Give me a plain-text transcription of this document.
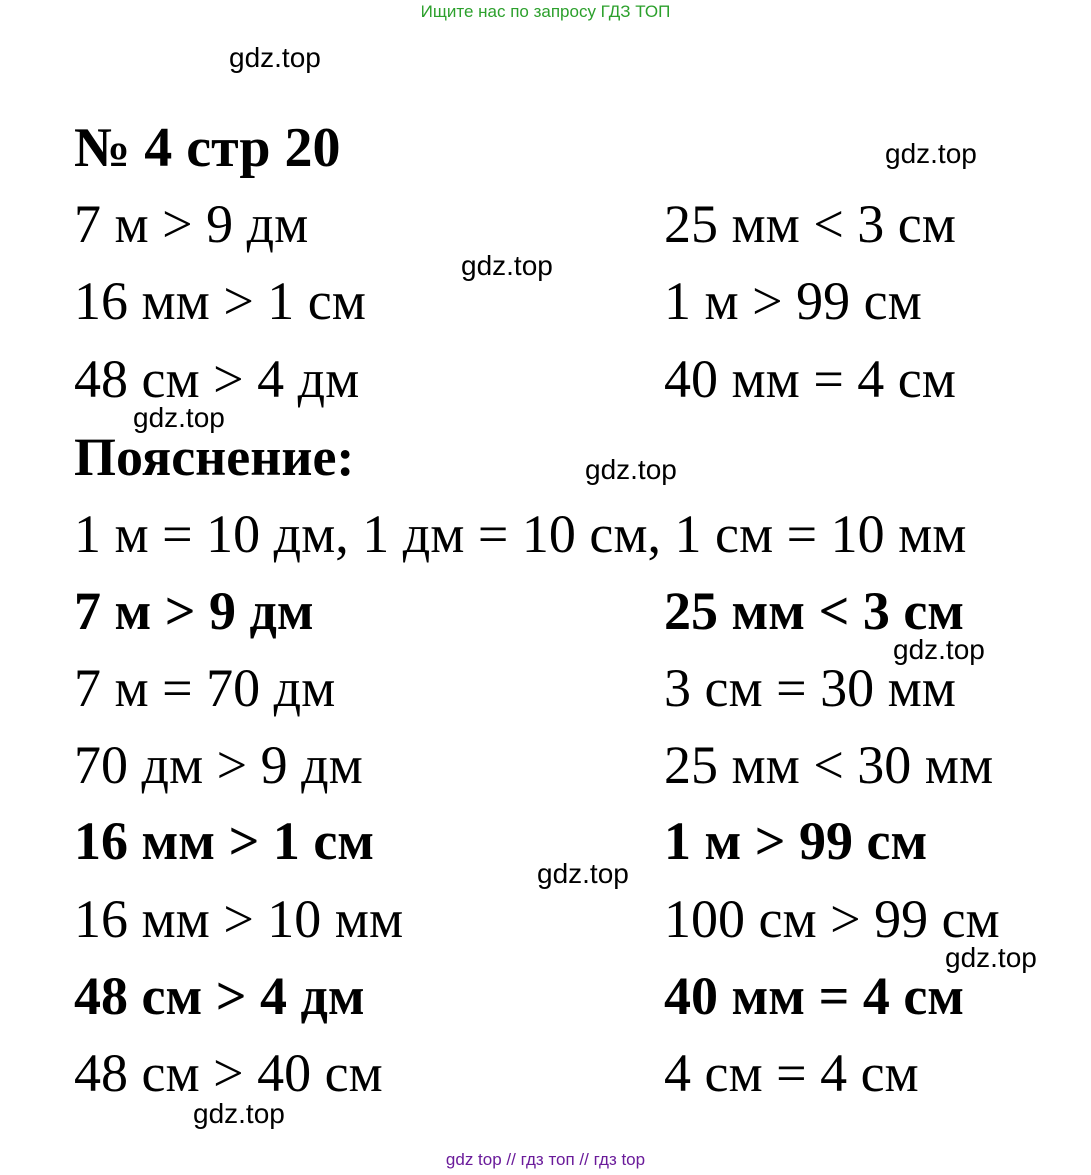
Ищите нас по запросу ГДЗ ТОП
gdz.top
gdz.top
gdz.top
gdz.top
gdz.top
gdz.top
gdz.top
gdz.top
gdz.top
№ 4 стр 20
7 м > 9 дм
16 мм > 1 см
48 см > 4 дм
25 мм < 3 см
1 м > 99 см
40 мм = 4 см
Пояснение:
1 м = 10 дм, 1 дм = 10 см, 1 см = 10 мм
7 м > 9 дм
7 м = 70 дм
70 дм > 9 дм
16 мм > 1 см
16 мм > 10 мм
48 см > 4 дм
48 см > 40 см
25 мм < 3 см
3 см = 30 мм
25 мм < 30 мм
1 м > 99 см
100 см > 99 см
40 мм = 4 см
4 см = 4 см
gdz top // гдз топ // гдз top
